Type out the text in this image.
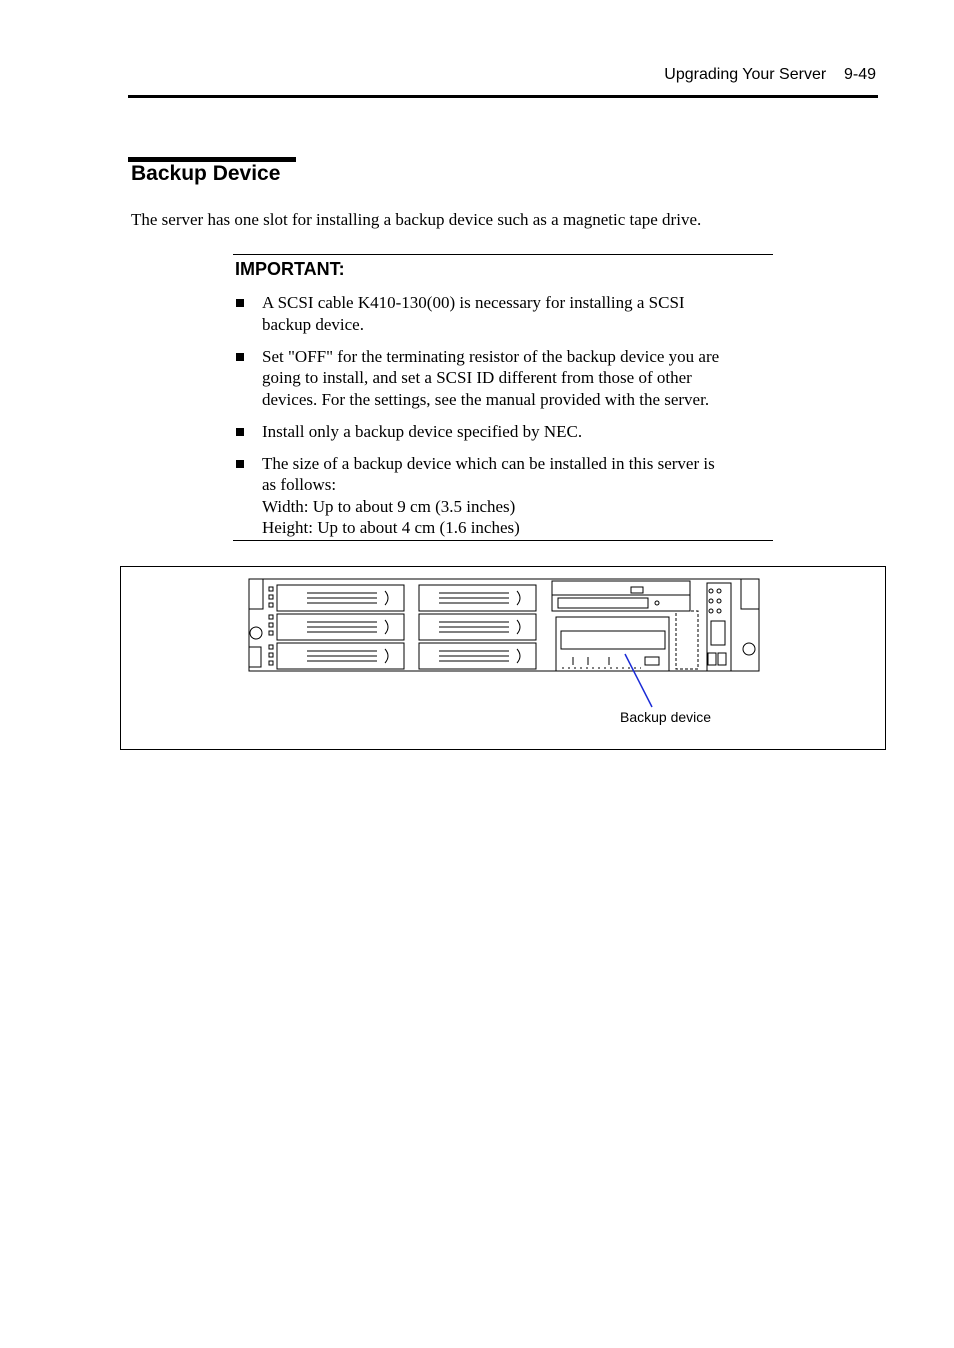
Upgrading Your Server 9-49
Backup Device
The server has one slot for installing a backup device such as a magnetic tape drive.
IMPORTANT:
A SCSI cable K410-130(00) is necessary for installing a SCSI
backup device.
Set "OFF" for the terminating resistor of the backup device you are
going to install, and set a SCSI ID different from those of other
devices. For the settings, see the manual provided with the server.
Install only a backup device specified by NEC.
The size of a backup device which can be installed in this server is
as follows:
Width: Up to about 9 cm (3.5 inches)
Height: Up to about 4 cm (1.6 inches)
Backup device
